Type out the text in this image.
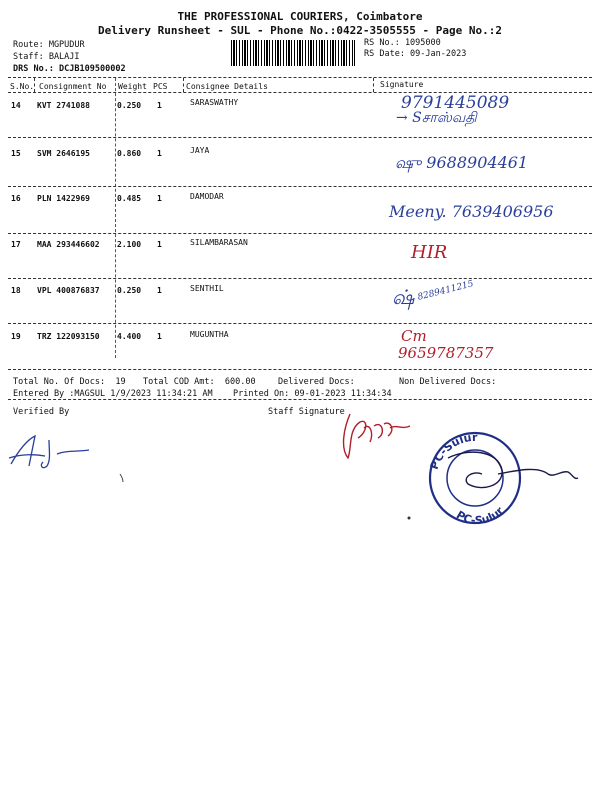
THE PROFESSIONAL COURIERS, Coimbatore
Delivery Runsheet - SUL - Phone No.:0422-3505555 - Page No.:2
Route: MGPUDUR
Staff: BALAJI
DRS No.: DCJB109500002
RS No.: 1095000
RS Date: 09-Jan-2023
S.No. Consignment No Weight PCS Consignee Details	Signature
14 KVT 2741088	0.250 1	SARASWATHY	9791445089
→ Sசாஸ்வதி
15 SVM 2646195	0.860 1	JAYA
ஷு 9688904461
16 PLN 1422969	0.485 1	DAMODAR
Meeny. 7639406956
17 MAA 293446602 2.100 1	SILAMBARASAN	HIR
18 VPL 400876837 0.250 1	SENTHIL	ஷ் 8289411215
19 TRZ 122093150 4.400 1	MUGUNTHA	Cm
9659787357
Total No. Of Docs:  19 Total COD Amt:  600.00	Delivered Docs:	Non Delivered Docs:
Entered By :MAGSUL 1/9/2023 11:34:21 AM Printed On: 09-01-2023 11:34:34
Verified By	Staff Signature
PC-Sulur
PC-Sulur
